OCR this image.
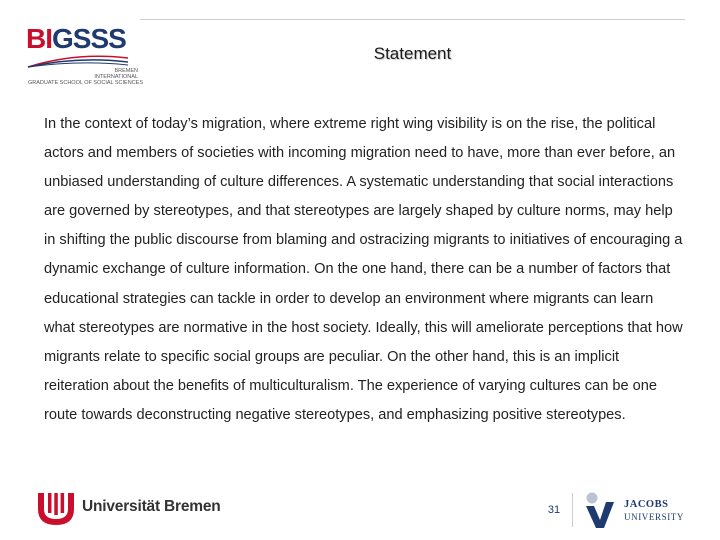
BIGSSS
BREMEN
INTERNATIONAL
GRADUATE SCHOOL OF SOCIAL SCIENCES
Statement
In the context of today’s migration, where extreme right wing visibility is on the rise, the political actors and members of societies with incoming migration need to have, more than ever before, an unbiased understanding of culture differences. A systematic understanding that social interactions are governed by stereotypes, and that stereotypes are largely shaped by culture norms, may help in shifting the public discourse from blaming and ostracizing migrants to initiatives of encouraging a dynamic exchange of culture information. On the one hand, there can be a number of factors that educational strategies can tackle in order to develop an environment where migrants can learn what stereotypes are normative in the host society. Ideally, this will ameliorate perceptions that how migrants relate to specific social groups are peculiar. On the other hand, this is an implicit reiteration about the benefits of multiculturalism. The experience of varying cultures can be one route towards deconstructing negative stereotypes, and emphasizing positive stereotypes.
Universität Bremen	31	JACOBS
UNIVERSITY
